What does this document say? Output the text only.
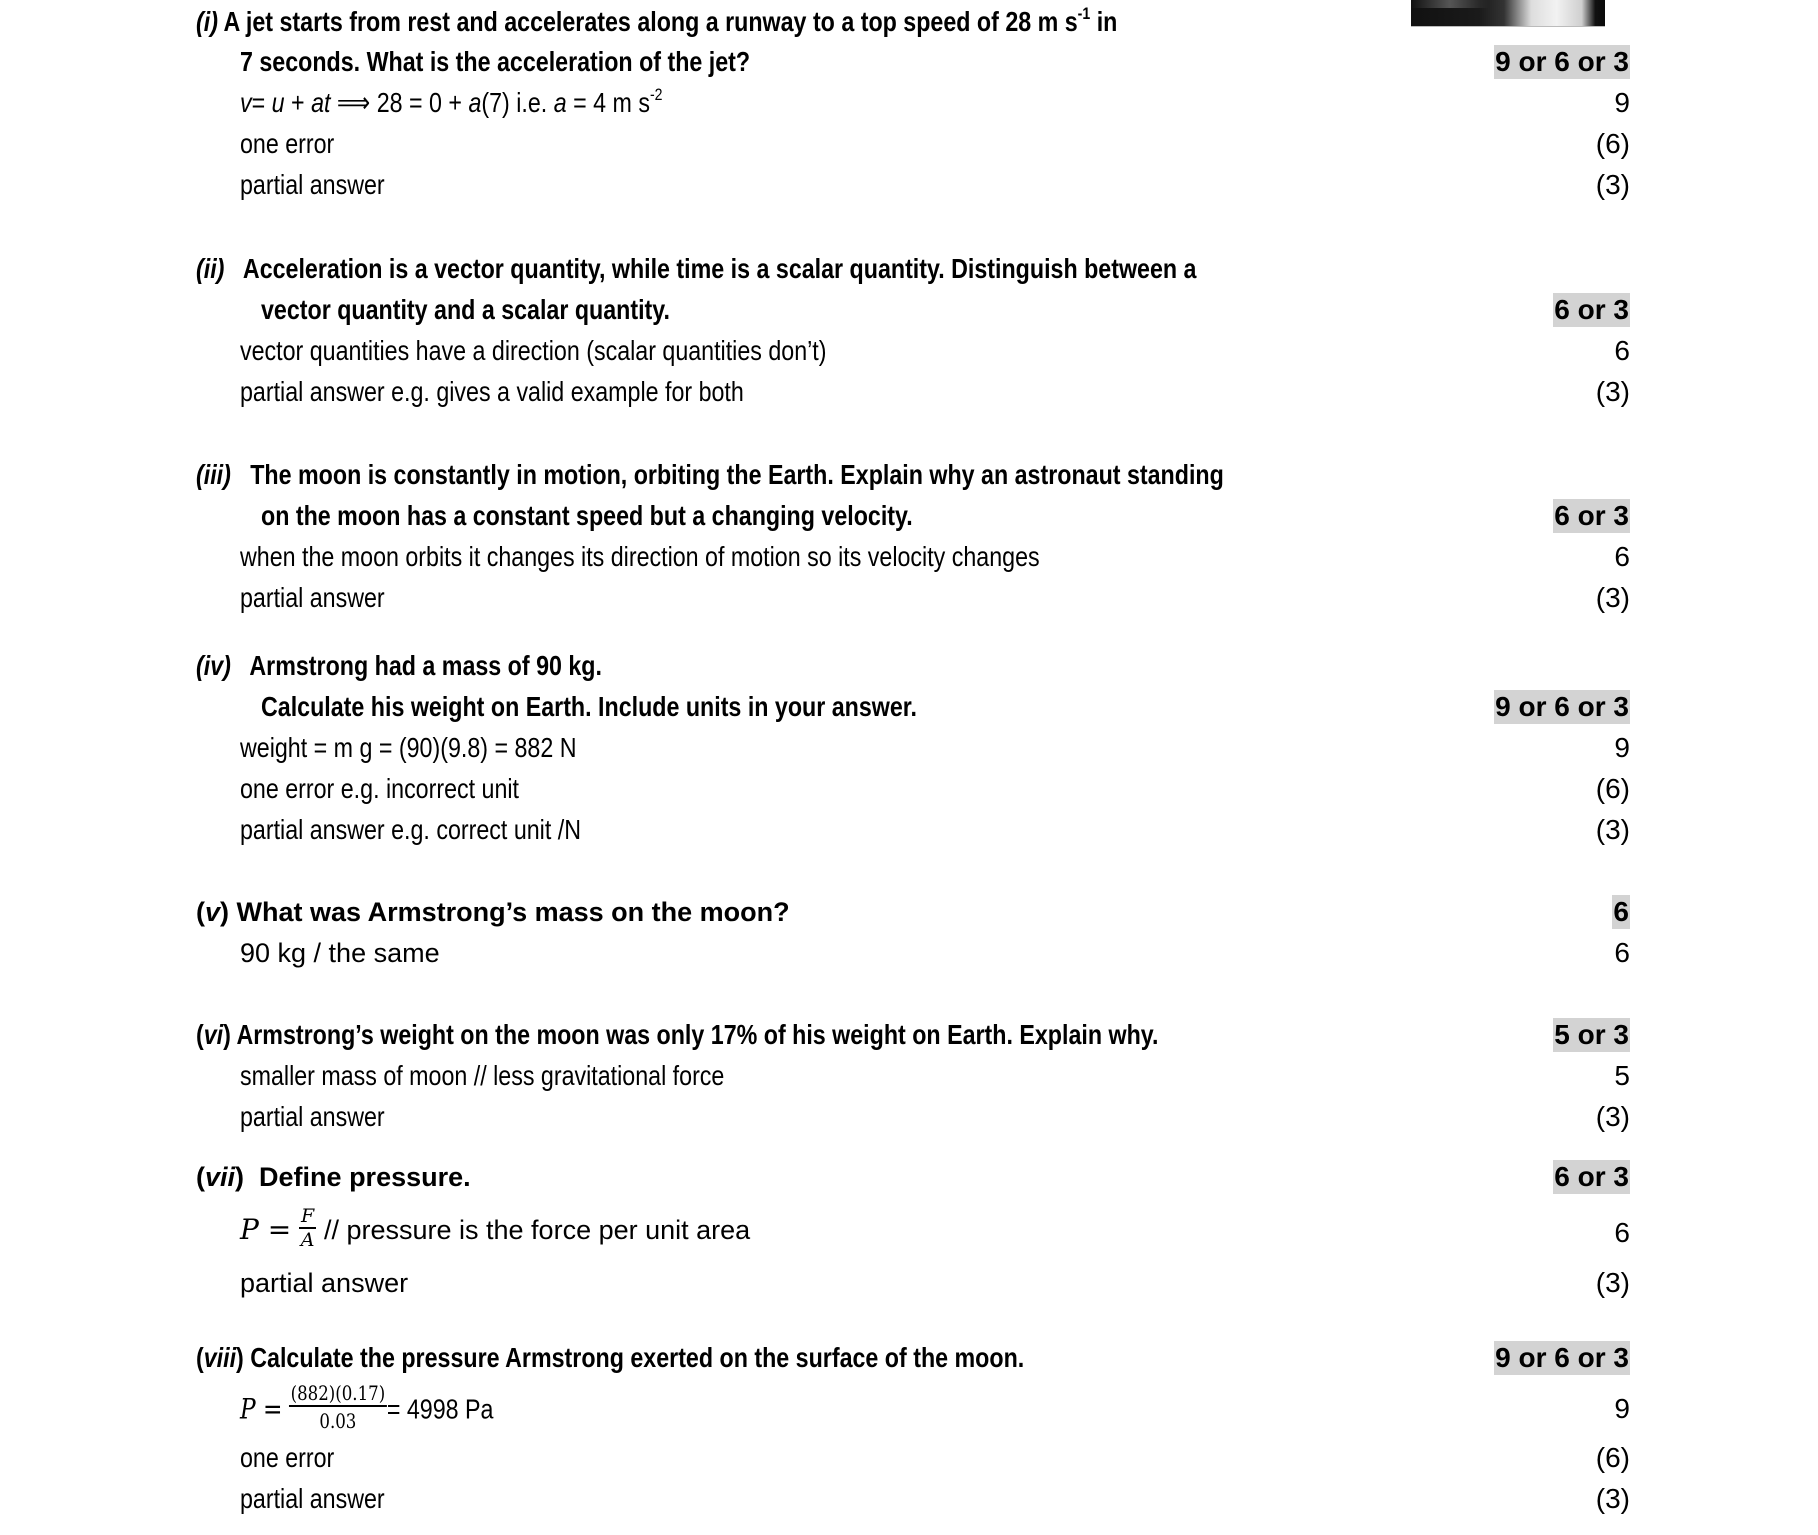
(i) A jet starts from rest and accelerates along a runway to a top speed of 28 m $s^{-1}$ in
7 seconds. What is the acceleration of the jet?	9 or 6 or 3
v= u + at ⟹ 28 = 0 + a(7) i.e. a = 4 m $s^{-2}$	9
one error	(6)
partial answer	(3)
(ii) Acceleration is a vector quantity, while time is a scalar quantity. Distinguish between a
vector quantity and a scalar quantity.	6 or 3
vector quantities have a direction (scalar quantities don’t)	6
partial answer e.g. gives a valid example for both	(3)
(iii) The moon is constantly in motion, orbiting the Earth. Explain why an astronaut standing
on the moon has a constant speed but a changing velocity.	6 or 3
when the moon orbits it changes its direction of motion so its velocity changes	6
partial answer	(3)
(iv) Armstrong had a mass of 90 kg.
Calculate his weight on Earth. Include units in your answer.	9 or 6 or 3
weight = m g = (90)(9.8) = 882 N	9
one error e.g. incorrect unit	(6)
partial answer e.g. correct unit /N	(3)
(v) What was Armstrong’s mass on the moon?	6
90 kg / the same	6
(vi) Armstrong’s weight on the moon was only 17% of his weight on Earth. Explain why.	5 or 3
smaller mass of moon // less gravitational force	5
partial answer	(3)
(vii) Define pressure.	6 or 3
$P = \frac{F}{A}$ // pressure is the force per unit area	6
partial answer	(3)
(viii) Calculate the pressure Armstrong exerted on the surface of the moon.	9 or 6 or 3
$P = \frac{(882)(0.17)}{0.03} = 4998$ Pa	9
one error	(6)
partial answer	(3)
